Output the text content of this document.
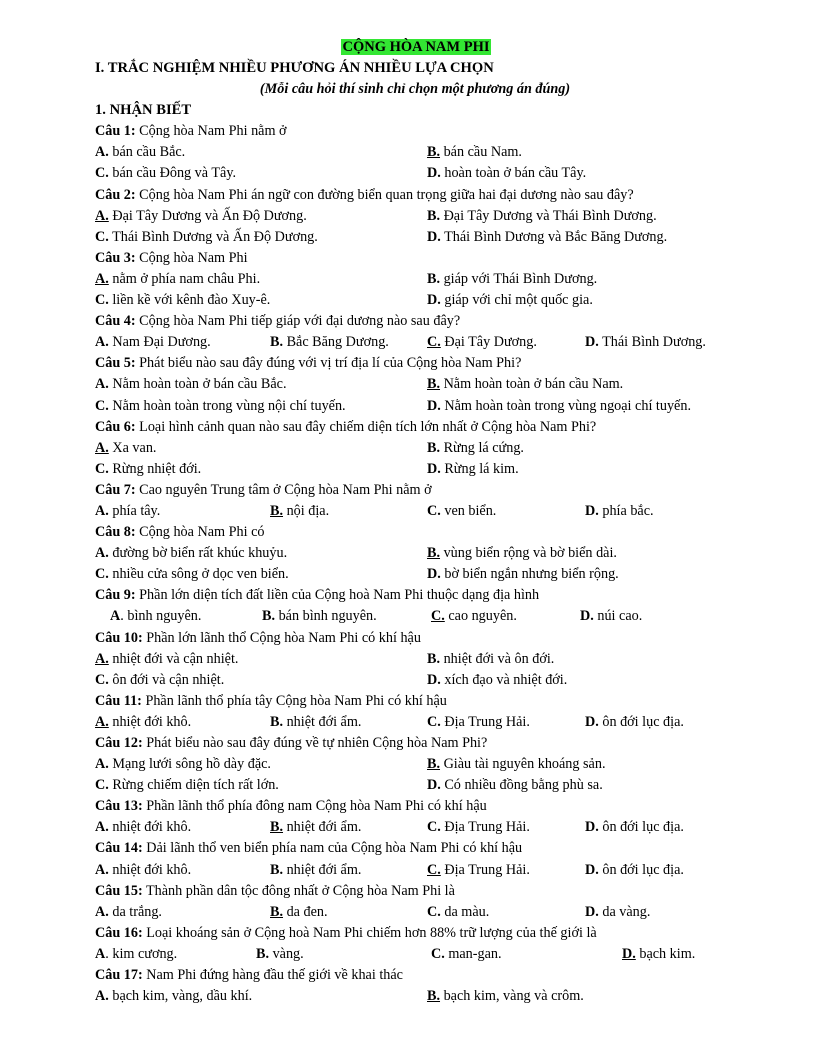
CỘNG HÒA NAM PHI
I. TRẮC NGHIỆM NHIỀU PHƯƠNG ÁN NHIỀU LỰA CHỌN
(Mỗi câu hỏi thí sinh chỉ chọn một phương án đúng)
1. NHẬN BIẾT
Câu 1: Cộng hòa Nam Phi nằm ở
A. bán cầu Bắc.	B. bán cầu Nam.
C. bán cầu Đông và Tây.	D. hoàn toàn ở bán cầu Tây.
Câu 2: Cộng hòa Nam Phi án ngữ con đường biển quan trọng giữa hai đại dương nào sau đây?
A. Đại Tây Dương và Ấn Độ Dương.	B. Đại Tây Dương và Thái Bình Dương.
C. Thái Bình Dương và Ấn Độ Dương.	D. Thái Bình Dương và Bắc Băng Dương.
Câu 3: Cộng hòa Nam Phi
A. nằm ở phía nam châu Phi.	B. giáp với Thái Bình Dương.
C. liền kề với kênh đào Xuy-ê.	D. giáp với chỉ một quốc gia.
Câu 4: Cộng hòa Nam Phi tiếp giáp với đại dương nào sau đây?
A. Nam Đại Dương.	B. Bắc Băng Dương.	C. Đại Tây Dương.	D. Thái Bình Dương.
Câu 5: Phát biểu nào sau đây đúng với vị trí địa lí của Cộng hòa Nam Phi?
A. Nằm hoàn toàn ở bán cầu Bắc.	B. Nằm hoàn toàn ở bán cầu Nam.
C. Nằm hoàn toàn trong vùng nội chí tuyến.	D. Nằm hoàn toàn trong vùng ngoại chí tuyến.
Câu 6: Loại hình cảnh quan nào sau đây chiếm diện tích lớn nhất ở Cộng hòa Nam Phi?
A. Xa van.	B. Rừng lá cứng.
C. Rừng nhiệt đới.	D. Rừng lá kim.
Câu 7: Cao nguyên Trung tâm ở Cộng hòa Nam Phi nằm ở
A. phía tây.	B. nội địa.	C. ven biển.	D. phía bắc.
Câu 8: Cộng hòa Nam Phi có
A. đường bờ biển rất khúc khuỷu.	B. vùng biển rộng và bờ biển dài.
C. nhiều cửa sông ở dọc ven biển.	D. bờ biển ngắn nhưng biển rộng.
Câu 9: Phần lớn diện tích đất liền của Cộng hoà Nam Phi thuộc dạng địa hình
A. bình nguyên.	B. bán bình nguyên.	C. cao nguyên.	D. núi cao.
Câu 10: Phần lớn lãnh thổ Cộng hòa Nam Phi có khí hậu
A. nhiệt đới và cận nhiệt.	B. nhiệt đới và ôn đới.
C. ôn đới và cận nhiệt.	D. xích đạo và nhiệt đới.
Câu 11: Phần lãnh thổ phía tây Cộng hòa Nam Phi có khí hậu
A. nhiệt đới khô.	B. nhiệt đới ẩm.	C. Địa Trung Hải.	D. ôn đới lục địa.
Câu 12: Phát biểu nào sau đây đúng về tự nhiên Cộng hòa Nam Phi?
A. Mạng lưới sông hồ dày đặc.	B. Giàu tài nguyên khoáng sản.
C. Rừng chiếm diện tích rất lớn.	D. Có nhiều đồng bằng phù sa.
Câu 13: Phần lãnh thổ phía đông nam Cộng hòa Nam Phi có khí hậu
A. nhiệt đới khô.	B. nhiệt đới ẩm.	C. Địa Trung Hải.	D. ôn đới lục địa.
Câu 14: Dải lãnh thổ ven biển phía nam của Cộng hòa Nam Phi có khí hậu
A. nhiệt đới khô.	B. nhiệt đới ẩm.	C. Địa Trung Hải.	D. ôn đới lục địa.
Câu 15: Thành phần dân tộc đông nhất ở Cộng hòa Nam Phi là
A. da trắng.	B. da đen.	C. da màu.	D. da vàng.
Câu 16: Loại khoáng sản ở Cộng hoà Nam Phi chiếm hơn 88% trữ lượng của thế giới là
A. kim cương.	B. vàng.	C. man-gan.	D. bạch kim.
Câu 17: Nam Phi đứng hàng đầu thế giới về khai thác
A. bạch kim, vàng, dầu khí.	B. bạch kim, vàng và crôm.
